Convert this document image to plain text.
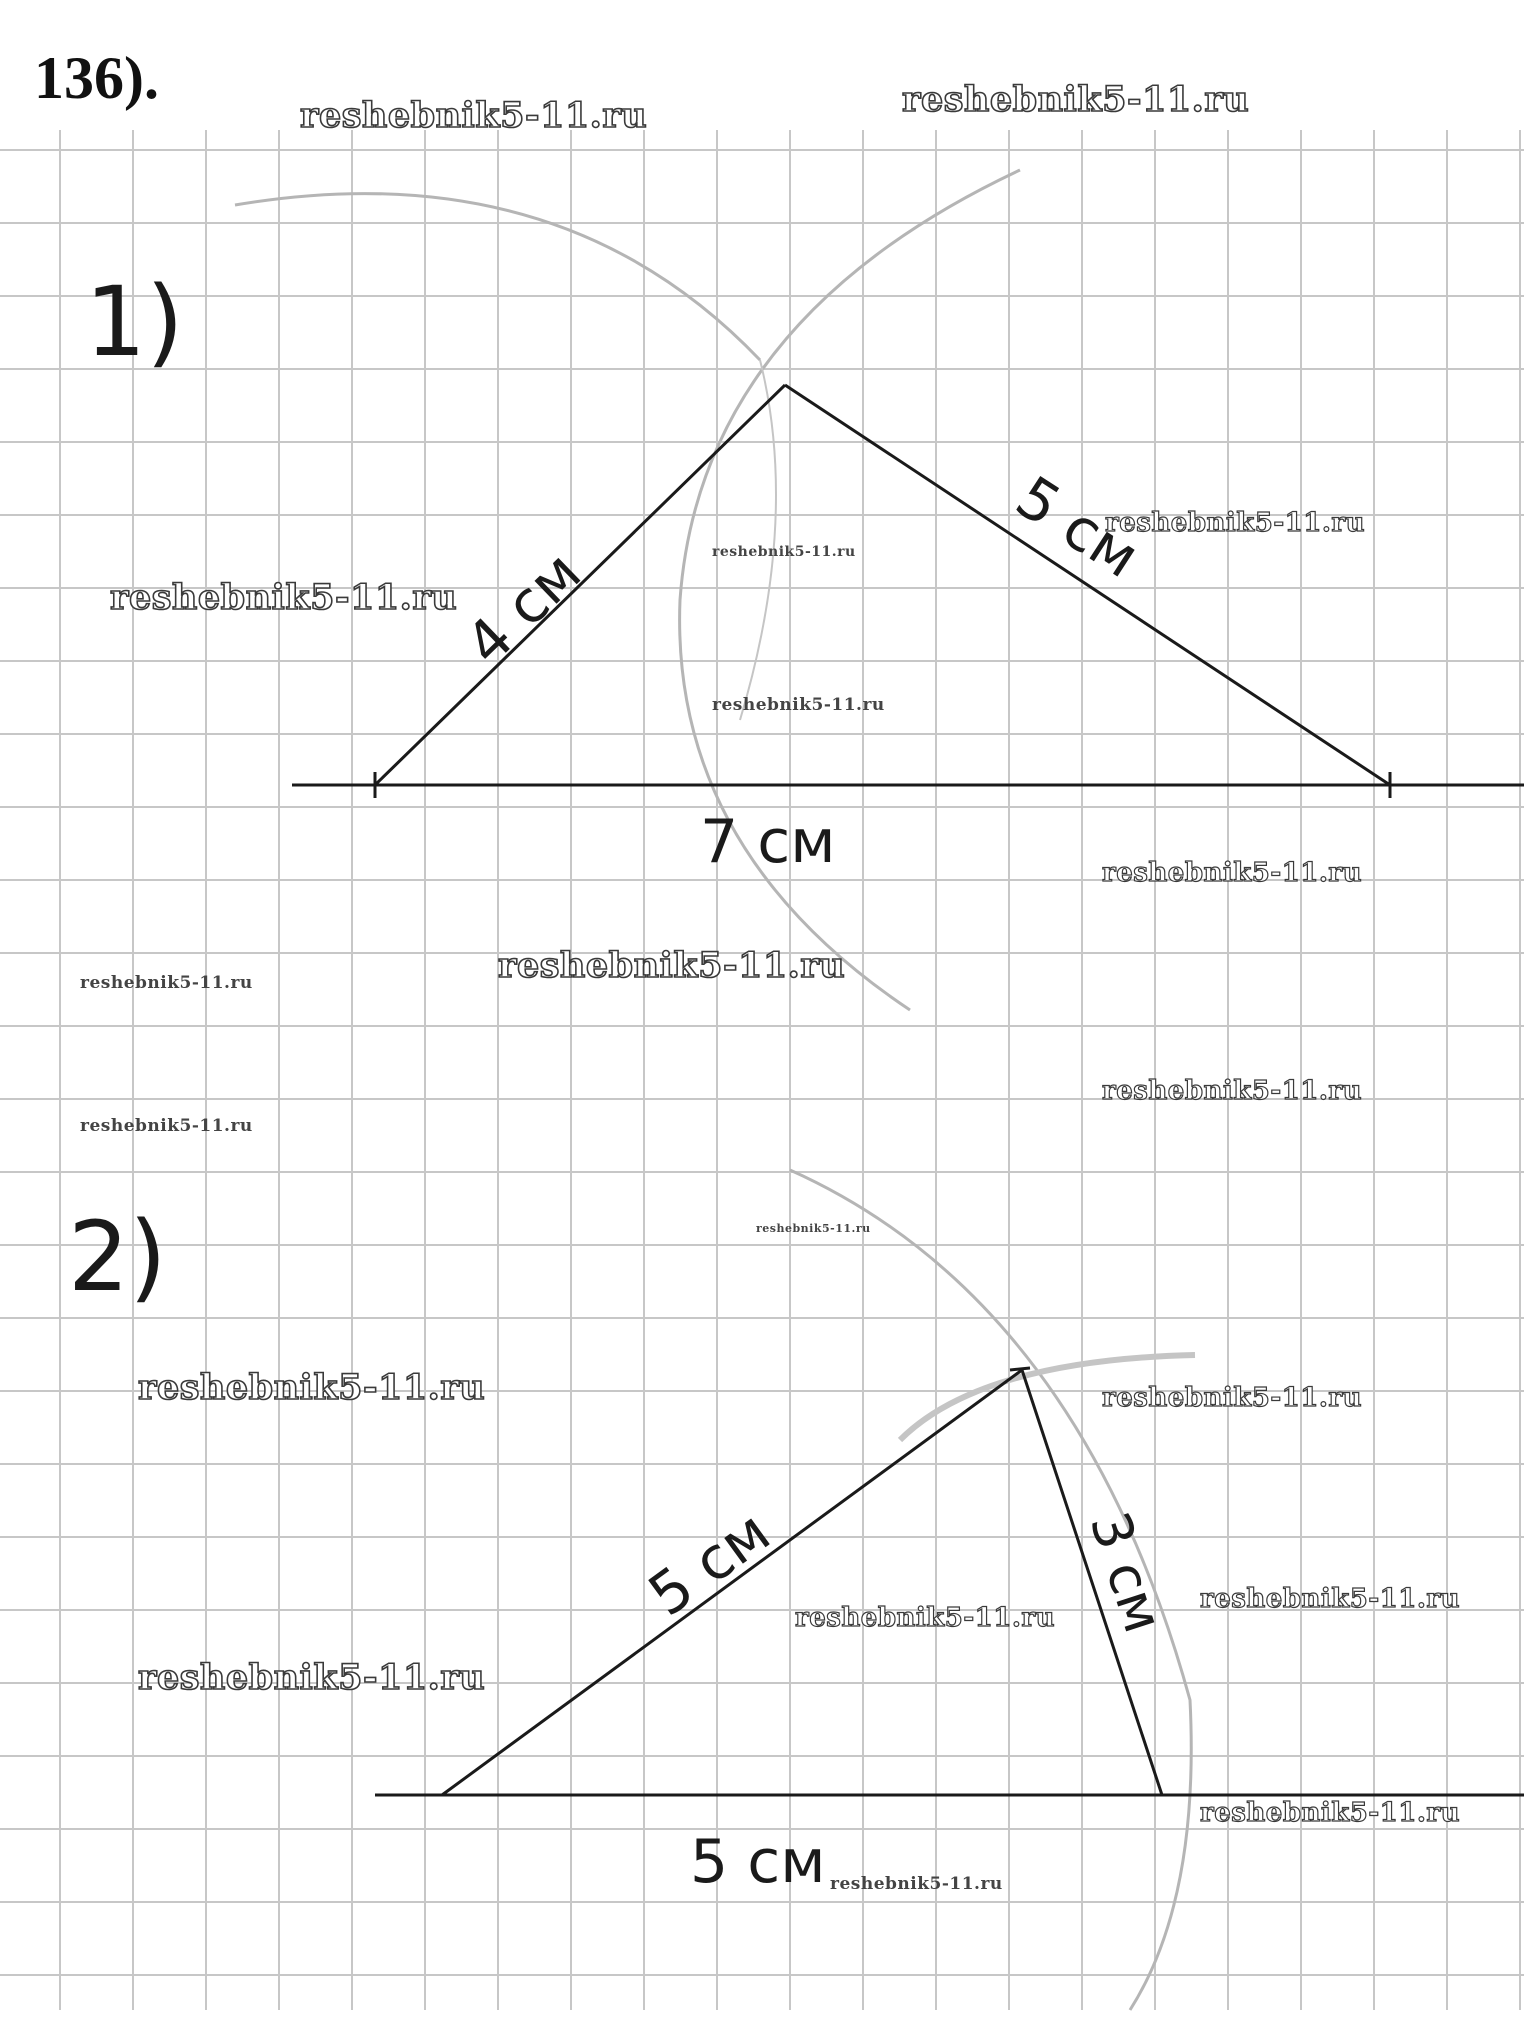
4 см
5 см
7 см
5 см	3 см
5 см
1)
2)
136).
reshebnik5-11.ru	reshebnik5-11.ru
reshebnik5-11.ru
reshebnik5-11.ru
reshebnik5-11.ru
reshebnik5-11.ru
reshebnik5-11.ru
reshebnik5-11.ru
reshebnik5-11.ru
reshebnik5-11.ru
reshebnik5-11.ru
reshebnik5-11.ru
reshebnik5-11.ru	reshebnik5-11.ru
reshebnik5-11.ru
reshebnik5-11.ru
reshebnik5-11.ru
reshebnik5-11.ru
reshebnik5-11.ru
